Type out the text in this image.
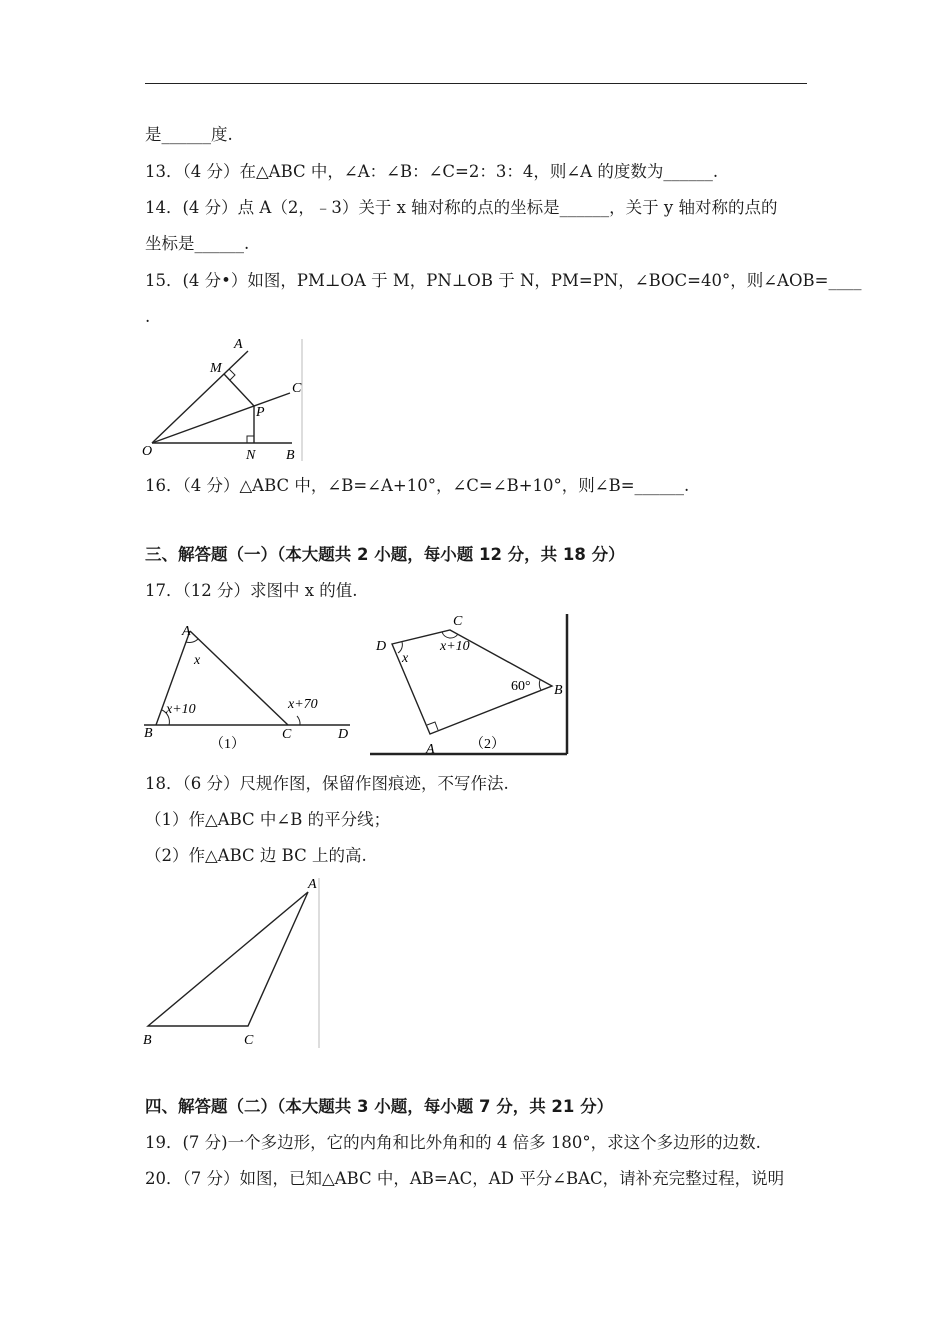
是______度.
13．（4 分）在△ABC 中，∠A：∠B：∠C=2：3：4，则∠A 的度数为______.
14．(4 分）点 A（2，﹣3）关于 x 轴对称的点的坐标是______，关于 y 轴对称的点的
坐标是______.
15．(4 分•）如图，PM⊥OA 于 M，PN⊥OB 于 N，PM=PN，∠BOC=40°，则∠AOB=____
.
A
M
C
P
O	N B
16．（4 分）△ABC 中，∠B=∠A+10°，∠C=∠B+10°，则∠B=______.
三、解答题（一）（本大题共 2 小题，每小题 12 分，共 18 分）
17．（12 分）求图中 x 的值.
A
x
x+10	x+70
B	C	D
（1）
C
D
x
x+10
60° B
A	（2）
18．（6 分）尺规作图，保留作图痕迹，不写作法.
（1）作△ABC 中∠B 的平分线；
（2）作△ABC 边 BC 上的高.
A
B	C
四、解答题（二）（本大题共 3 小题，每小题 7 分，共 21 分）
19．(7 分)一个多边形，它的内角和比外角和的 4 倍多 180°，求这个多边形的边数.
20．（7 分）如图，已知△ABC 中，AB=AC，AD 平分∠BAC，请补充完整过程，说明
